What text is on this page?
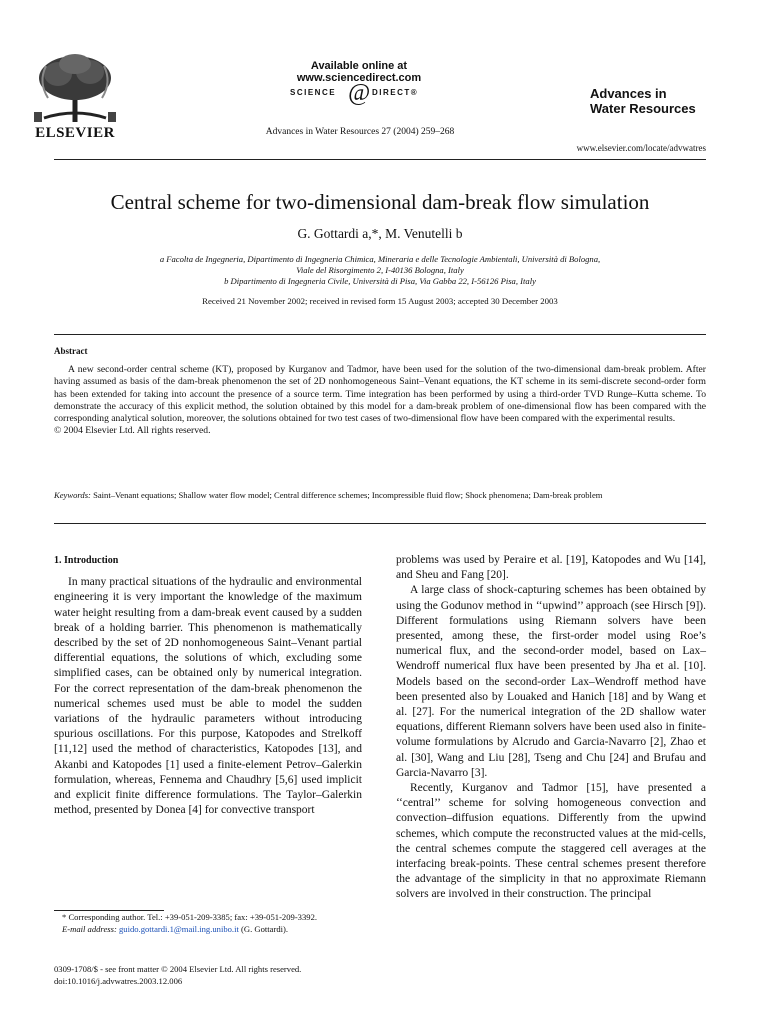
ELSEVIER
Available online at www.sciencedirect.com
SCIENCE @ DIRECT®
Advances in Water Resources 27 (2004) 259–268
Advances in
Water Resources
www.elsevier.com/locate/advwatres
Central scheme for two-dimensional dam-break flow simulation
G. Gottardi a,*, M. Venutelli b
a Facolta de Ingegneria, Dipartimento di Ingegneria Chimica, Mineraria e delle Tecnologie Ambientali, Università di Bologna,
Viale del Risorgimento 2, I-40136 Bologna, Italy
b Dipartimento di Ingegneria Civile, Università di Pisa, Via Gabba 22, I-56126 Pisa, Italy
Received 21 November 2002; received in revised form 15 August 2003; accepted 30 December 2003
Abstract
A new second-order central scheme (KT), proposed by Kurganov and Tadmor, have been used for the solution of the two-dimensional dam-break problem. After having assumed as basis of the dam-break phenomenon the set of 2D nonhomogeneous Saint–Venant equations, the KT scheme in its semi-discrete second-order form has been extended for taking into account the presence of a source term. Time integration has been performed by using a third-order TVD Runge–Kutta scheme. To demonstrate the accuracy of this explicit method, the solution obtained by this model for a dam-break problem of one-dimensional flow has been compared with the corresponding analytical solution, moreover, the solutions obtained for two test cases of two-dimensional flow have been compared with the experimental results.
© 2004 Elsevier Ltd. All rights reserved.
Keywords: Saint–Venant equations; Shallow water flow model; Central difference schemes; Incompressible fluid flow; Shock phenomena; Dam-break problem
1. Introduction

In many practical situations of the hydraulic and environmental engineering it is very important the knowledge of the maximum water height resulting from a dam-break event caused by a sudden break of a holding barrier. This phenomenon is mathematically described by the set of 2D nonhomogeneous Saint–Venant partial differential equations, the solutions of which, excluding some simplified cases, can be obtained only by numerical integration. For the correct representation of the dam-break phenomenon the numerical schemes used must be able to model the sudden variations of the hydraulic parameters without introducing spurious oscillations. For this purpose, Katopodes and Strelkoff [11,12] used the method of characteristics, Katopodes [13], and Akanbi and Katopodes [1] used a finite-element Petrov–Galerkin formulation, whereas, Fennema and Chaudhry [5,6] used implicit and explicit finite difference formulations. The Taylor–Galerkin method, presented by Donea [4] for convective transport

problems was used by Peraire et al. [19], Katopodes and Wu [14], and Sheu and Fang [20].

A large class of shock-capturing schemes has been obtained by using the Godunov method in ‘‘upwind’’ approach (see Hirsch [9]). Different formulations using Riemann solvers have been presented, among these, the first-order model using Roe’s numerical flux, and the second-order model, based on Lax–Wendroff numerical flux have been presented by Jha et al. [10]. Models based on the second-order Lax–Wendroff method have been presented also by Louaked and Hanich [18] and by Wang et al. [27]. For the numerical integration of the 2D shallow water equations, different Riemann solvers have been used also in finite-volume formulations by Alcrudo and Garcia-Navarro [2], Zhao et al. [30], Wang and Liu [28], Tseng and Chu [24] and Brufau and Garcia-Navarro [3].

Recently, Kurganov and Tadmor [15], have presented a ‘‘central’’ scheme for solving homogeneous convection and convection–diffusion equations. Differently from the upwind schemes, which compute the reconstructed values at the mid-cells, the central schemes compute the staggered cell averages at the interfacing break-points. These central schemes present therefore the advantage of the simplicity in that no approximate Riemann solvers are involved in their construction. The principal

* Corresponding author. Tel.: +39-051-209-3385; fax: +39-051-209-3392.
E-mail address: guido.gottardi.1@mail.ing.unibo.it (G. Gottardi).
0309-1708/$ - see front matter © 2004 Elsevier Ltd. All rights reserved.
doi:10.1016/j.advwatres.2003.12.006
